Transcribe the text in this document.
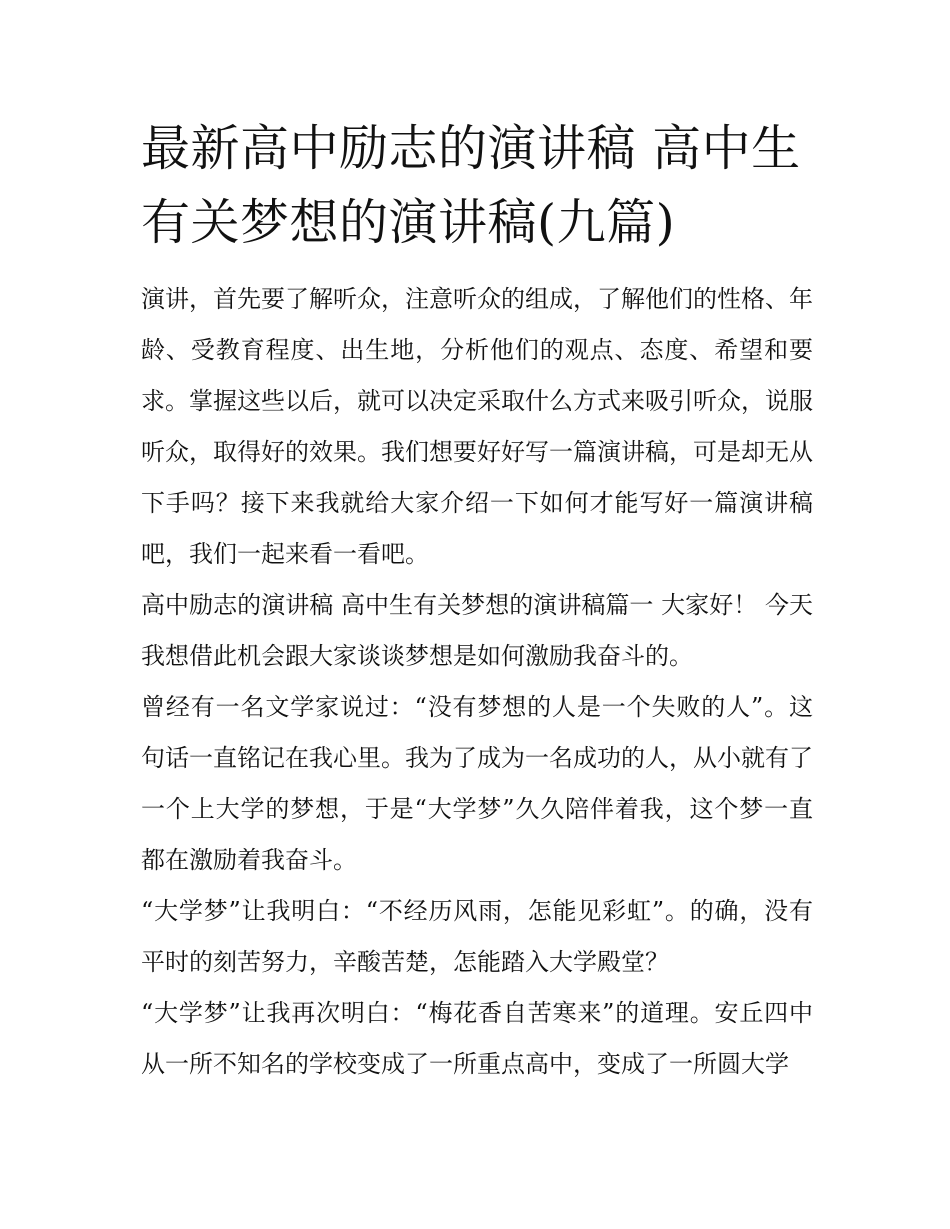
最新高中励志的演讲稿 高中生有关梦想的演讲稿(九篇)

演讲，首先要了解听众，注意听众的组成，了解他们的性格、年龄、受教育程度、出生地，分析他们的观点、态度、希望和要求。掌握这些以后，就可以决定采取什么方式来吸引听众，说服听众，取得好的效果。我们想要好好写一篇演讲稿，可是却无从下手吗？接下来我就给大家介绍一下如何才能写好一篇演讲稿吧，我们一起来看一看吧。

高中励志的演讲稿 高中生有关梦想的演讲稿篇一 大家好！ 今天我想借此机会跟大家谈谈梦想是如何激励我奋斗的。

曾经有一名文学家说过：“没有梦想的人是一个失败的人”。这句话一直铭记在我心里。我为了成为一名成功的人，从小就有了一个上大学的梦想，于是“大学梦”久久陪伴着我，这个梦一直都在激励着我奋斗。

“大学梦”让我明白：“不经历风雨，怎能见彩虹”。的确，没有平时的刻苦努力，辛酸苦楚，怎能踏入大学殿堂？

“大学梦”让我再次明白：“梅花香自苦寒来”的道理。安丘四中从一所不知名的学校变成了一所重点高中，变成了一所圆大学
